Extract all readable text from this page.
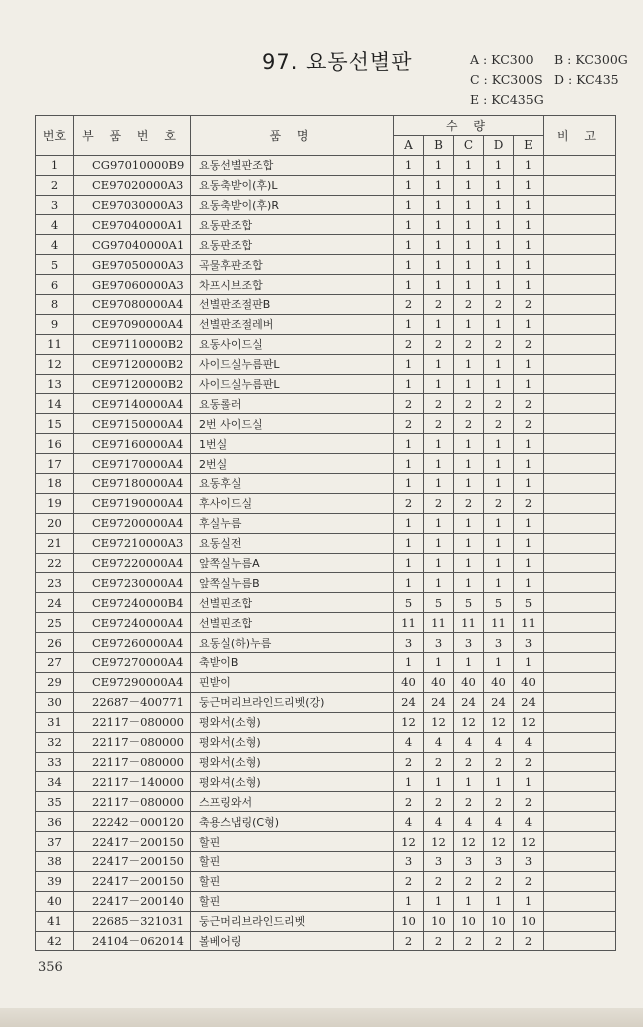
97. 요동선별판	A : KC300 B : KC300G
C : KC300S D : KC435
E : KC435G
번호	부 품 번 호	품 명	수 량					비 고
			A	B	C	D	E	
1	CG97010000B9	요동선별판조합	1	1	1	1	1	
2	CE97020000A3	요동축받이(후)L	1	1	1	1	1	
3	CE97030000A3	요동축받이(후)R	1	1	1	1	1	
4	CE97040000A1	요동판조합	1	1	1	1	1	
4	CG97040000A1	요동판조합	1	1	1	1	1	
5	GE97050000A3	곡물후판조합	1	1	1	1	1	
6	GE97060000A3	차프시브조합	1	1	1	1	1	
8	CE97080000A4	선별판조절판B	2	2	2	2	2	
9	CE97090000A4	선별판조절레버	1	1	1	1	1	
11	CE97110000B2	요동사이드실	2	2	2	2	2	
12	CE97120000B2	사이드실누름판L	1	1	1	1	1	
13	CE97120000B2	사이드실누름판L	1	1	1	1	1	
14	CE97140000A4	요동롤러	2	2	2	2	2	
15	CE97150000A4	2번 사이드실	2	2	2	2	2	
16	CE97160000A4	1번실	1	1	1	1	1	
17	CE97170000A4	2번실	1	1	1	1	1	
18	CE97180000A4	요동후실	1	1	1	1	1	
19	CE97190000A4	후사이드실	2	2	2	2	2	
20	CE97200000A4	후실누름	1	1	1	1	1	
21	CE97210000A3	요동실전	1	1	1	1	1	
22	CE97220000A4	앞쪽실누름A	1	1	1	1	1	
23	CE97230000A4	앞쪽실누름B	1	1	1	1	1	
24	CE97240000B4	선별핀조합	5	5	5	5	5	
25	CE97240000A4	선별핀조합	11	11	11	11	11	
26	CE97260000A4	요동실(하)누름	3	3	3	3	3	
27	CE97270000A4	축받이B	1	1	1	1	1	
29	CE97290000A4	핀받이	40	40	40	40	40	
30	22687－400771	둥근머리브라인드리벳(강)	24	24	24	24	24	
31	22117－080000	평와서(소형)	12	12	12	12	12	
32	22117－080000	평와서(소형)	4	4	4	4	4	
33	22117－080000	평와서(소형)	2	2	2	2	2	
34	22117－140000	평와셔(소형)	1	1	1	1	1	
35	22117－080000	스프링와서	2	2	2	2	2	
36	22242－000120	축용스냅링(C형)	4	4	4	4	4	
37	22417－200150	할핀	12	12	12	12	12	
38	22417－200150	할핀	3	3	3	3	3	
39	22417－200150	할핀	2	2	2	2	2	
40	22417－200140	할핀	1	1	1	1	1	
41	22685－321031	둥근머리브라인드리벳	10	10	10	10	10	
42	24104－062014	볼베어링	2	2	2	2	2	
356
